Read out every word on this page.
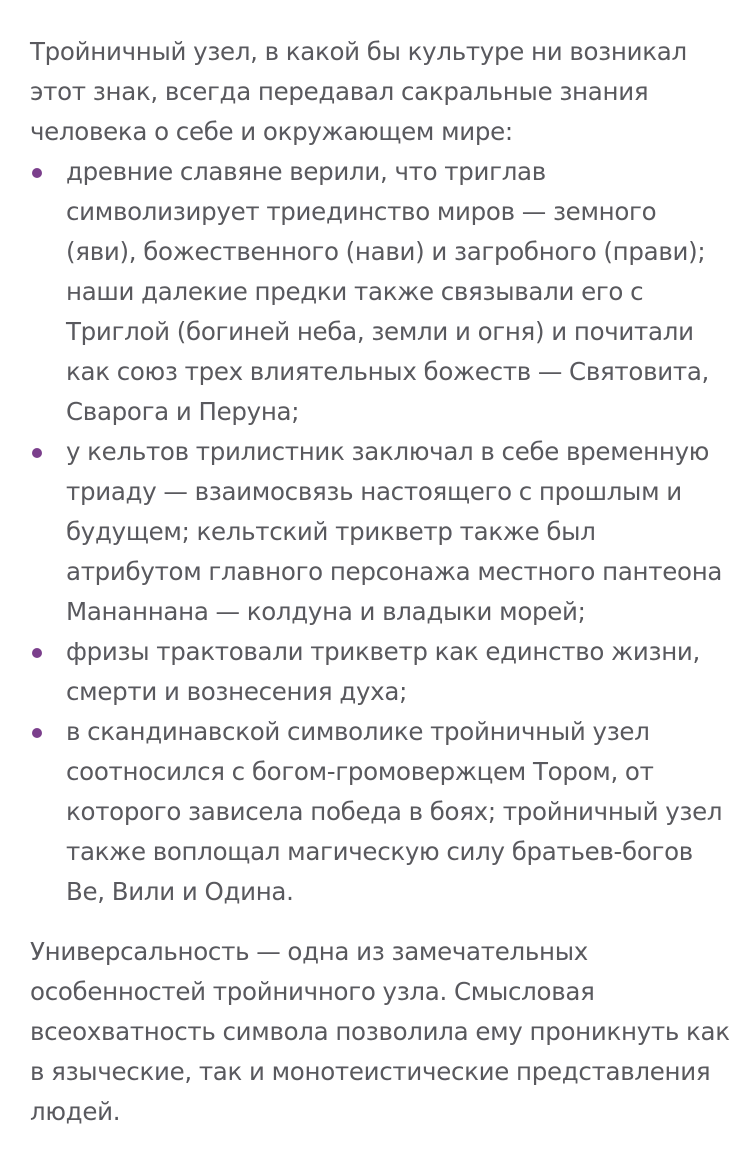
Тройничный узел, в какой бы культуре ни возникал этот знак, всегда передавал сакральные знания человека о себе и окружающем мире:

древние славяне верили, что триглав символизирует триединство миров — земного (яви), божественного (нави) и загробного (прави); наши далекие предки также связывали его с Триглой (богиней неба, земли и огня) и почитали как союз трех влиятельных божеств — Святовита, Сварога и Перуна;
у кельтов трилистник заключал в себе временную триаду — взаимосвязь настоящего с прошлым и будущем; кельтский трикветр также был атрибутом главного персонажа местного пантеона Мананнана — колдуна и владыки морей;
фризы трактовали трикветр как единство жизни, смерти и вознесения духа;
в скандинавской символике тройничный узел соотносился с богом-громовержцем Тором, от которого зависела победа в боях; тройничный узел также воплощал магическую силу братьев-богов Ве, Вили и Одина.

Универсальность — одна из замечательных особенностей тройничного узла. Смысловая всеохватность символа позволила ему проникнуть как в языческие, так и монотеистические представления людей.
